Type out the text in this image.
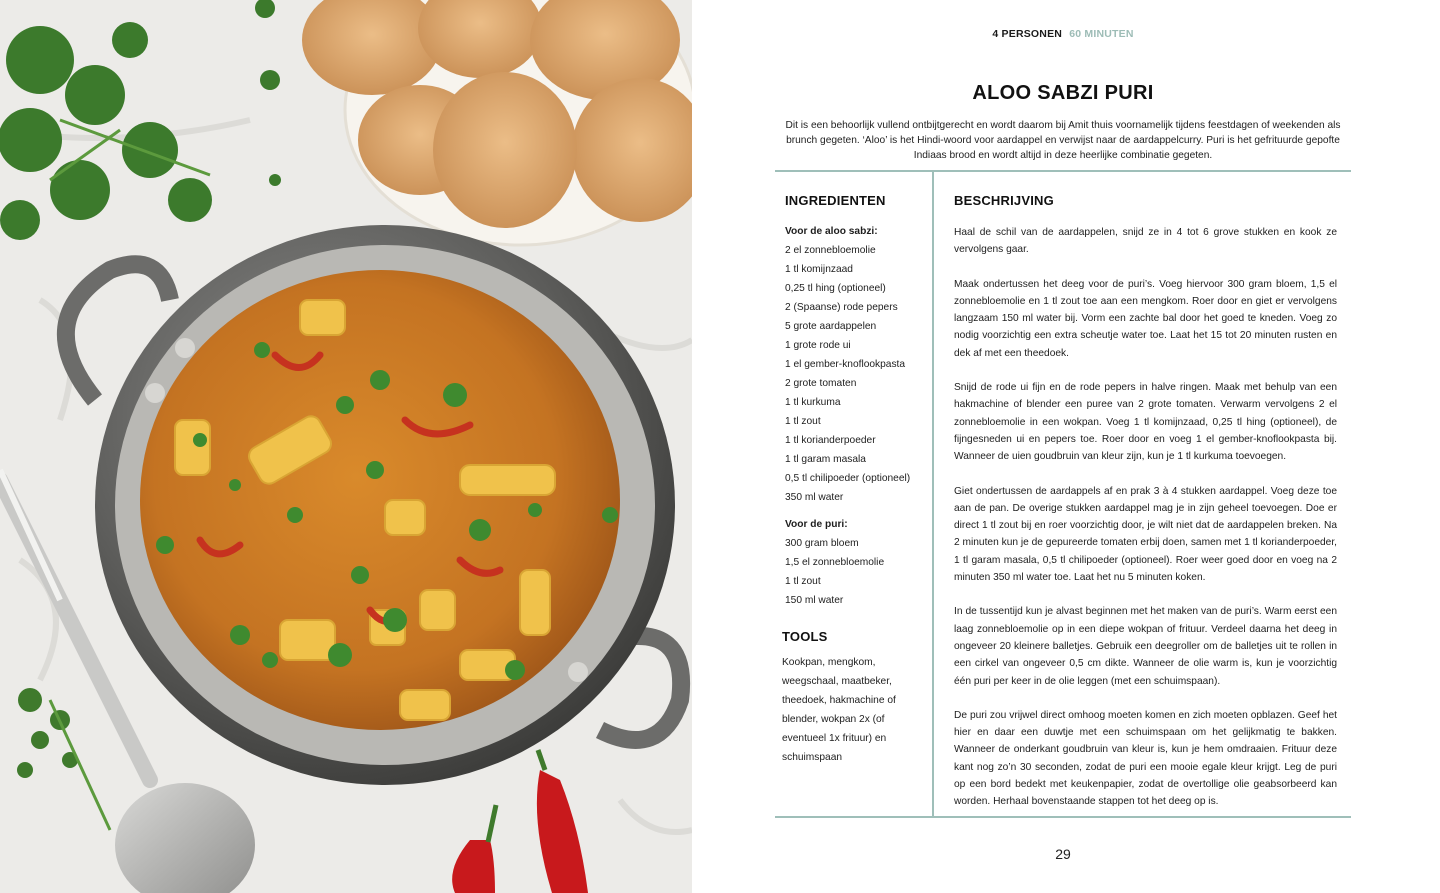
4 PERSONEN 60 MINUTEN
ALOO SABZI PURI

Dit is een behoorlijk vullend ontbijtgerecht en wordt daarom bij Amit thuis voornamelijk tijdens feestdagen of weekenden als brunch gegeten. ‘Aloo’ is het Hindi-woord voor aardappel en verwijst naar de aardappelcurry. Puri is het gefrituurde gepofte Indiaas brood en wordt altijd in deze heerlijke combinatie gegeten.

INGREDIENTEN
Voor de aloo sabzi:
2 el zonnebloemolie
1 tl komijnzaad
0,25 tl hing (optioneel)
2 (Spaanse) rode pepers
5 grote aardappelen
1 grote rode ui
1 el gember-knoflookpasta
2 grote tomaten
1 tl kurkuma
1 tl zout
1 tl korianderpoeder
1 tl garam masala
0,5 tl chilipoeder (optioneel)
350 ml water
Voor de puri:
300 gram bloem
1,5 el zonnebloemolie
1 tl zout
150 ml water
TOOLS

Kookpan, mengkom, weegschaal, maatbeker, theedoek, hakmachine of blender, wokpan 2x (of eventueel 1x frituur) en schuimspaan

BESCHRIJVING

Haal de schil van de aardappelen, snijd ze in 4 tot 6 grove stukken en kook ze vervolgens gaar.

Maak ondertussen het deeg voor de puri’s. Voeg hiervoor 300 gram bloem, 1,5 el zonnebloemolie en 1 tl zout toe aan een mengkom. Roer door en giet er vervolgens langzaam 150 ml water bij. Vorm een zachte bal door het goed te kneden. Voeg zo nodig voorzichtig een extra scheutje water toe. Laat het 15 tot 20 minuten rusten en dek af met een theedoek.

Snijd de rode ui fijn en de rode pepers in halve ringen. Maak met behulp van een hakmachine of blender een puree van 2 grote tomaten. Verwarm vervolgens 2 el zonnebloemolie in een wokpan. Voeg 1 tl komijnzaad, 0,25 tl hing (optioneel), de fijngesneden ui en pepers toe. Roer door en voeg 1 el gember-knoflookpasta bij. Wanneer de uien goudbruin van kleur zijn, kun je 1 tl kurkuma toevoegen.

Giet ondertussen de aardappels af en prak 3 à 4 stukken aardappel. Voeg deze toe aan de pan. De overige stukken aardappel mag je in zijn geheel toevoegen. Doe er direct 1 tl zout bij en roer voorzichtig door, je wilt niet dat de aardappelen breken. Na 2 minuten kun je de gepureerde tomaten erbij doen, samen met 1 tl korianderpoeder, 1 tl garam masala, 0,5 tl chilipoeder (optioneel). Roer weer goed door en voeg na 2 minuten 350 ml water toe. Laat het nu 5 minuten koken.

In de tussentijd kun je alvast beginnen met het maken van de puri’s. Warm eerst een laag zonnebloemolie op in een diepe wokpan of frituur. Verdeel daarna het deeg in ongeveer 20 kleinere balletjes. Gebruik een deegroller om de balletjes uit te rollen in een cirkel van ongeveer 0,5 cm dikte. Wanneer de olie warm is, kun je voorzichtig één puri per keer in de olie leggen (met een schuimspaan).

De puri zou vrijwel direct omhoog moeten komen en zich moeten opblazen. Geef het hier en daar een duwtje met een schuimspaan om het gelijkmatig te bakken. Wanneer de onderkant goudbruin van kleur is, kun je hem omdraaien. Frituur deze kant nog zo’n 30 seconden, zodat de puri een mooie egale kleur krijgt. Leg de puri op een bord bedekt met keukenpapier, zodat de overtollige olie geabsorbeerd kan worden. Herhaal bovenstaande stappen tot het deeg op is.

29
